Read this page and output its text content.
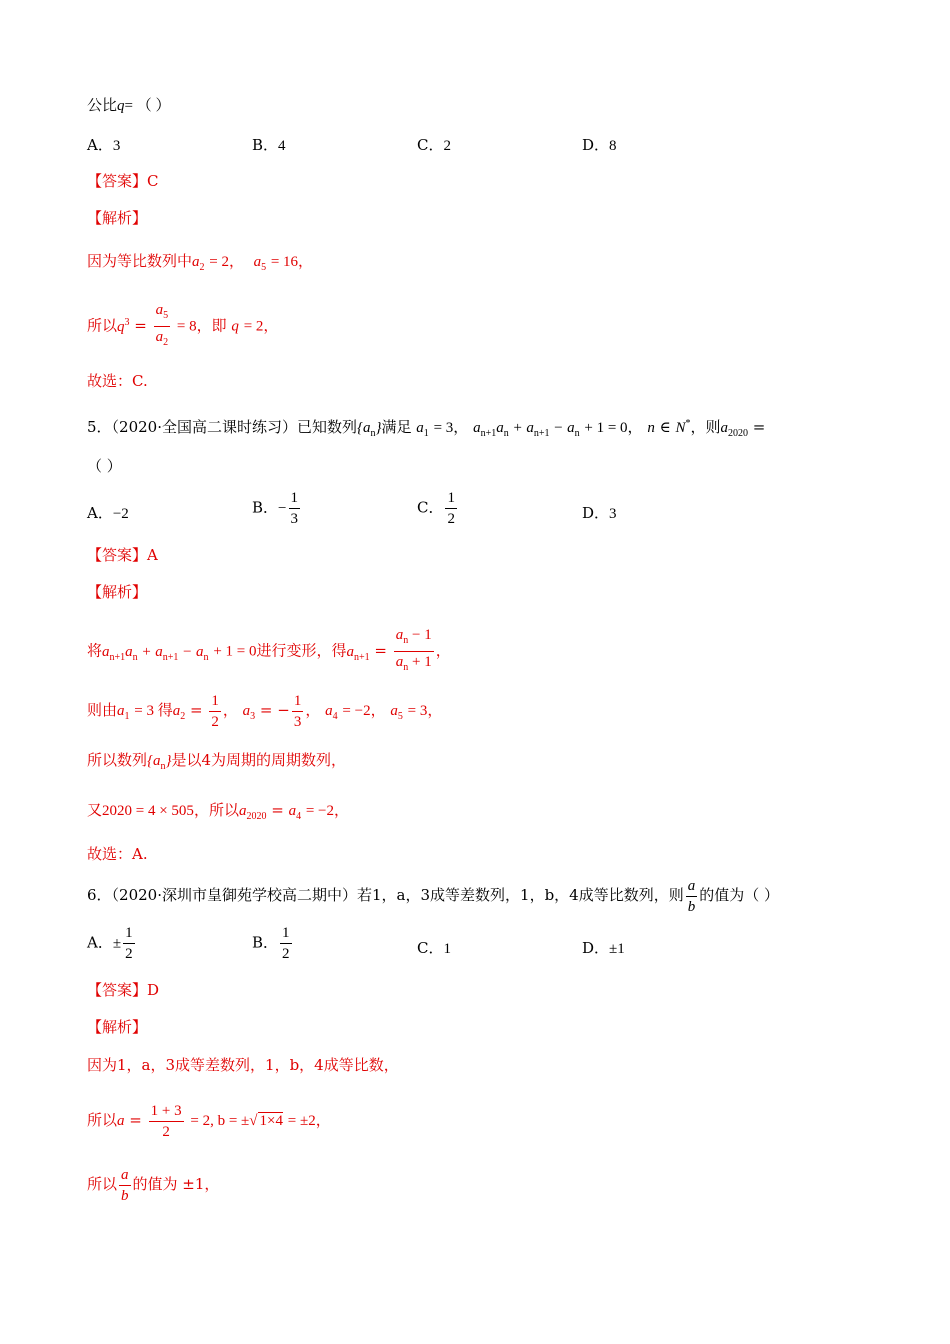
公比q= （ ）
A．3	B．4	C．2	D．8
【答案】C
【解析】
因为等比数列中$a_2 = 2$， $a_5 = 16$，
所以$q^3 = \frac{a_5}{a_2} = 8$，即 q = 2，
故选：C.
5．（2020·全国高二课时练习）已知数列$\{a_n\}$满足 $a_1 = 3$， $a_{n+1}a_n + a_{n+1} - a_n + 1 = 0$， n ∈ N*，则$a_{2020}$ =
（ ）
A．−2	B．− $\frac{1}{3}$	C． $\frac{1}{2}$	D．3
【答案】A
【解析】
将$a_{n+1}a_n + a_{n+1} - a_n + 1 = 0$进行变形，得$a_{n+1} = \frac{a_n - 1}{a_n + 1}$ ，
则由$a_1 = 3$ 得$a_2 = \frac{1}{2}$ ， $a_3$ = − $\frac{1}{3}$ ， $a_4 = -2$， $a_5 = 3$，
所以数列$\{a_n\}$是以4为周期的周期数列，
又2020 = 4 × 505，所以$a_{2020} = a_4 = -2$，
故选：A.
6．（2020·深圳市皇御苑学校高二期中）若1，a，3成等差数列，1，b，4成等比数列，则 $\frac{a}{b}$ 的值为（ ）
A．± $\frac{1}{2}$	B． $\frac{1}{2}$	C．1	D．±1
【答案】D
【解析】
因为1，a，3成等差数列，1，b，4成等比数，
所以$a = \frac{1 + 3}{2} = 2$, b = ±√ 1×4 = ±2，
所以 $\frac{a}{b}$ 的值为 ±1，
